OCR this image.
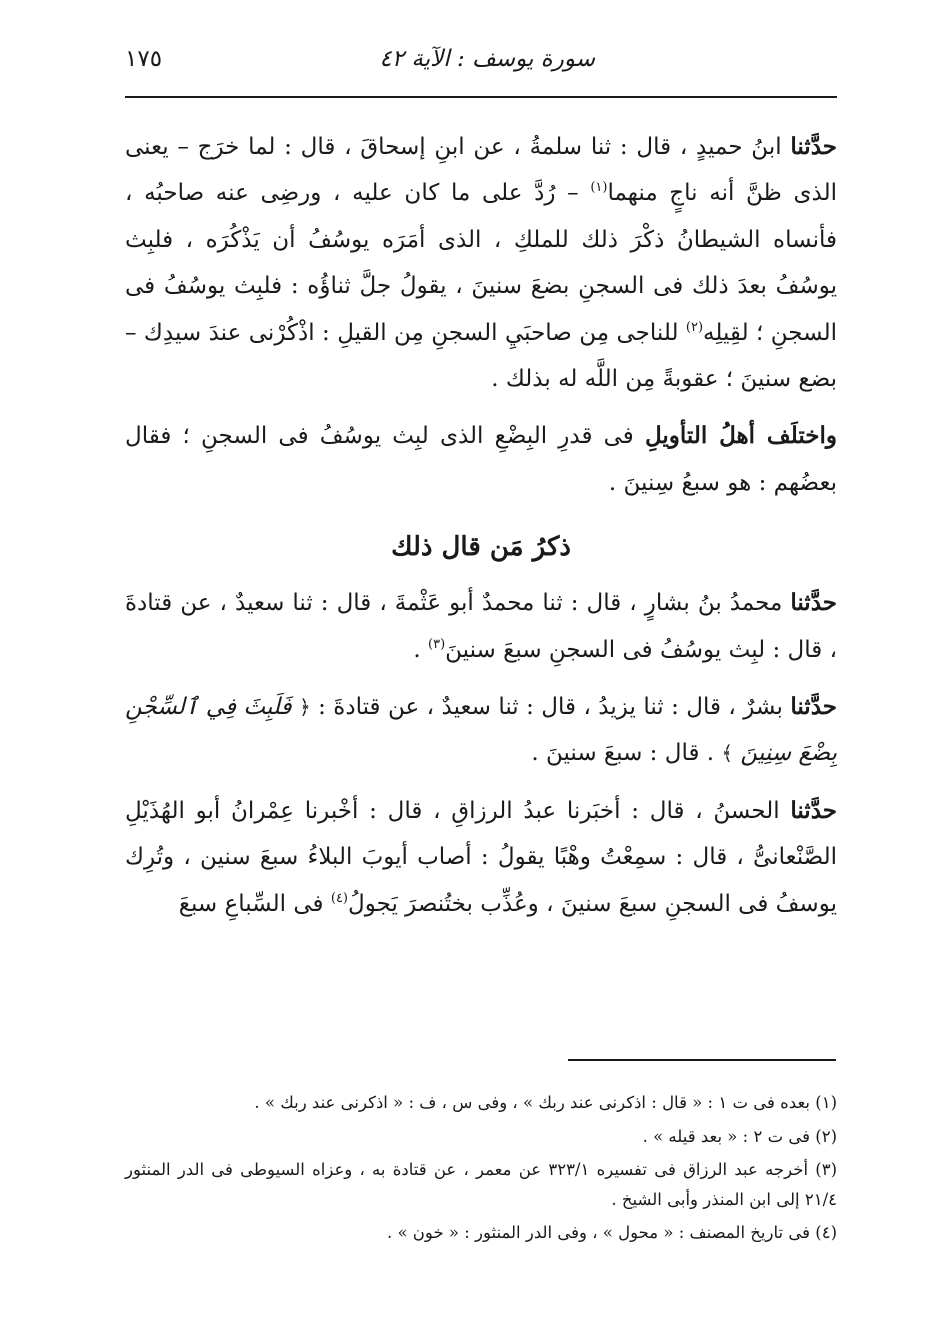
سورة يوسف : الآية ٤٢
١٧٥

حدَّثنا ابنُ حميدٍ ، قال : ثنا سلمةُ ، عن ابنِ إسحاقَ ، قال : لما خرَج – يعنى الذى ظنَّ أنه ناجٍ منهما$^{(١)}$ – رُدَّ على ما كان عليه ، ورضِى عنه صاحبُه ، فأنساه الشيطانُ ذكْرَ ذلك للملكِ ، الذى أمَرَه يوسُفُ أن يَذْكُرَه ، فلبِث يوسُفُ بعدَ ذلك فى السجنِ بضعَ سنينَ ، يقولُ جلَّ ثناؤُه : فلبِث يوسُفُ فى السجنِ ؛ لقِيلِه$^{(٢)}$ للناجى مِن صاحبَيِ السجنِ مِن القيلِ : اذْكُرْنى عندَ سيدِك – بضع سنينَ ؛ عقوبةً مِن اللَّه له بذلك .

واختلَف أهلُ التأويلِ فى قدرِ البِضْعِ الذى لبِث يوسُفُ فى السجنِ ؛ فقال بعضُهم : هو سبعُ سِنينَ .

ذكرُ مَن قال ذلك

حدَّثنا محمدُ بنُ بشارٍ ، قال : ثنا محمدٌ أبو عَثْمةَ ، قال : ثنا سعيدٌ ، عن قتادةَ ، قال : لبِث يوسُفُ فى السجنِ سبعَ سنينَ$^{(٣)}$ .

حدَّثنا بشرٌ ، قال : ثنا يزيدُ ، قال : ثنا سعيدٌ ، عن قتادةَ : ﴿ فَلَبِثَ فِي ٱلسِّجْنِ بِضْعَ سِنِينَ ﴾ . قال : سبعَ سنينَ .

حدَّثنا الحسنُ ، قال : أخبَرنا عبدُ الرزاقِ ، قال : أخْبرنا عِمْرانُ أبو الهُذَيْلِ الصَّنْعانىُّ ، قال : سمِعْتُ وهْبًا يقولُ : أصاب أيوبَ البلاءُ سبعَ سنين ، وتُرِك يوسفُ فى السجنِ سبعَ سنينَ ، وعُذِّب بختُنصرَ يَجولُ$^{(٤)}$ فى السِّباعِ سبعَ

(١) بعده فى ت ١ : « قال : اذكرنى عند ربك » ، وفى س ، ف : « اذكرنى عند ربك » .

(٢) فى ت ٢ : « بعد قيله » .

(٣) أخرجه عبد الرزاق فى تفسيره ٣٢٣/١ عن معمر ، عن قتادة به ، وعزاه السيوطى فى الدر المنثور ٢١/٤ إلى ابن المنذر وأبى الشيخ .

(٤) فى تاريخ المصنف : « محول » ، وفى الدر المنثور : « خون » .
